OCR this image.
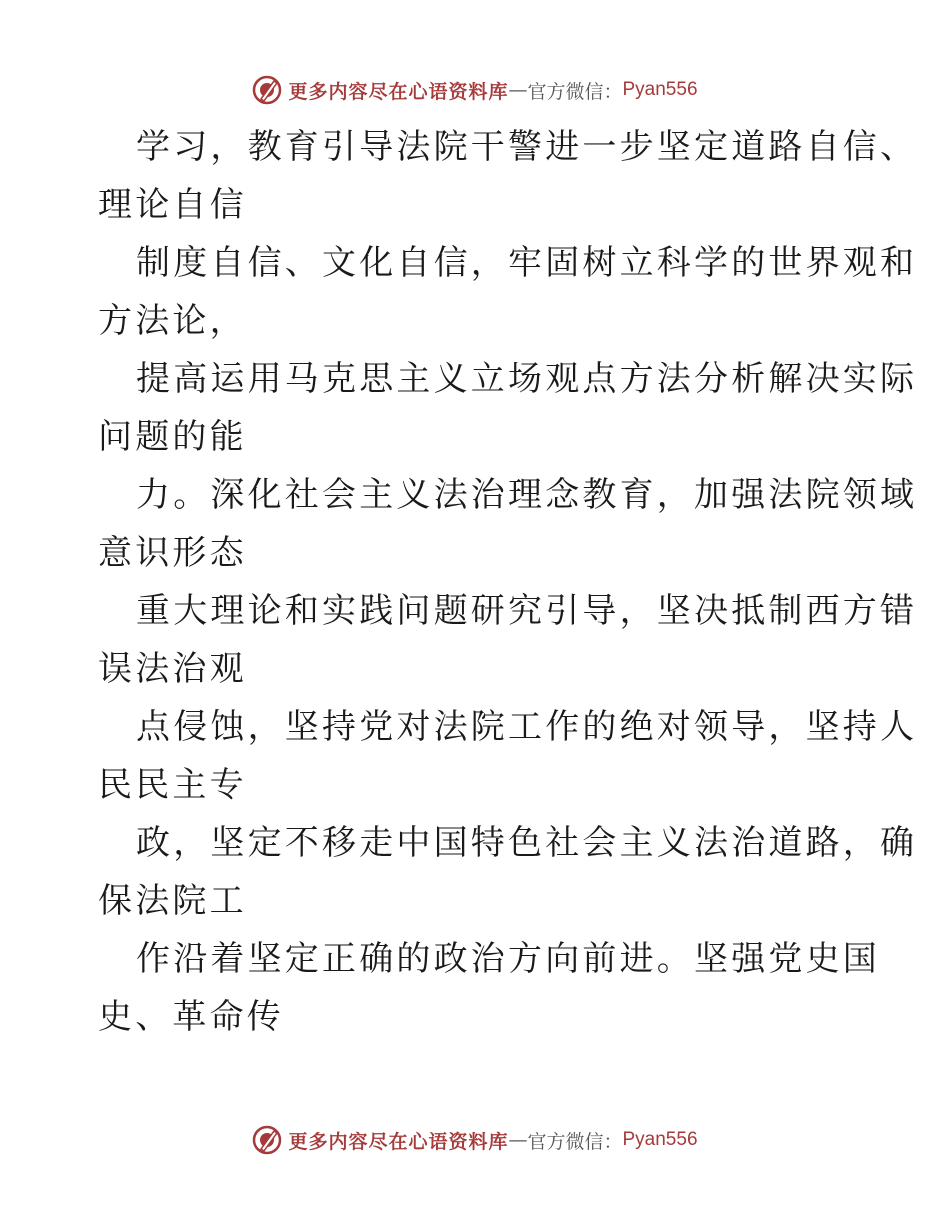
更多内容尽在心语资料库 — 官方微信： Pyan556
学习，教育引导法院干警进一步坚定道路自信、
理论自信
制度自信、文化自信，牢固树立科学的世界观和
方法论，
提高运用马克思主义立场观点方法分析解决实际
问题的能
力。深化社会主义法治理念教育，加强法院领域
意识形态
重大理论和实践问题研究引导，坚决抵制西方错
误法治观
点侵蚀，坚持党对法院工作的绝对领导，坚持人
民民主专
政，坚定不移走中国特色社会主义法治道路，确
保法院工
作沿着坚定正确的政治方向前进。坚强党史国
史、革命传
更多内容尽在心语资料库 — 官方微信： Pyan556
